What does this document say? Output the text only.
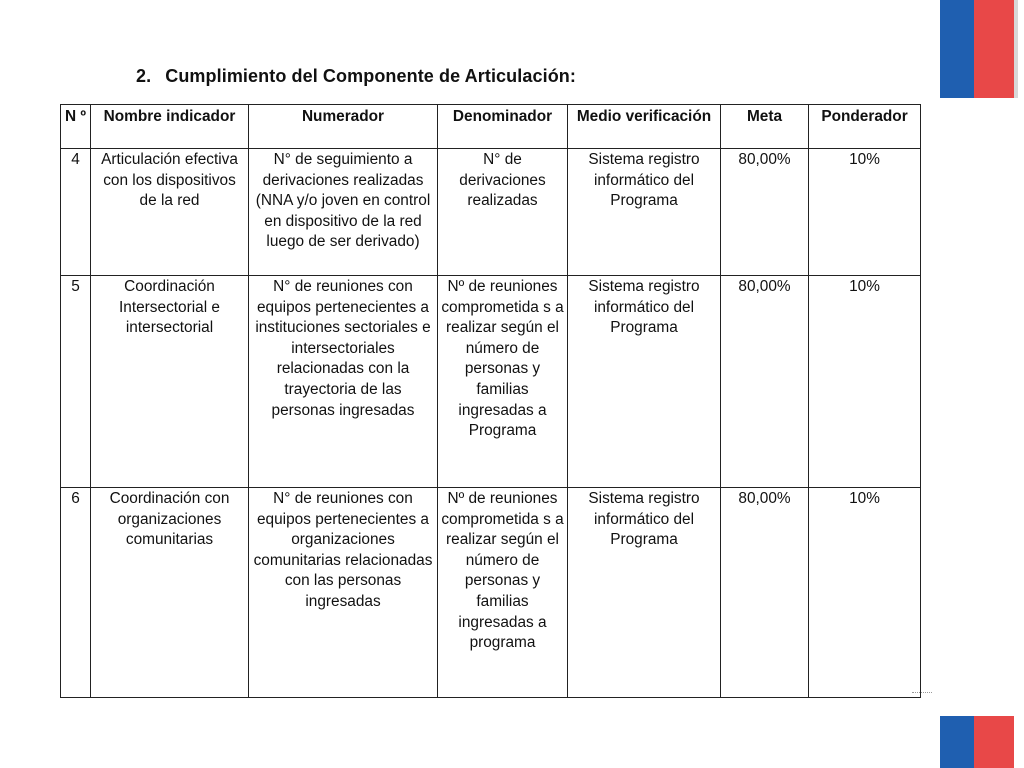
2. Cumplimiento del Componente de Articulación:
N º	Nombre indicador	Numerador	Denominador	Medio verificación	Meta	Ponderador
4	Articulación efectiva con los dispositivos de la red	N° de seguimiento a derivaciones realizadas (NNA y/o joven en control en dispositivo de la red luego de ser derivado)	N° de derivaciones realizadas	Sistema registro informático del Programa	80,00%	10%
5	Coordinación Intersectorial e intersectorial	N° de reuniones con equipos pertenecientes a instituciones sectoriales e intersectoriales relacionadas con la trayectoria de las personas ingresadas	Nº de reuniones comprometida s a realizar según el número de personas y familias ingresadas a Programa	Sistema registro informático del Programa	80,00%	10%
6	Coordinación con organizaciones comunitarias	N° de reuniones con equipos pertenecientes a organizaciones comunitarias relacionadas con las personas ingresadas	Nº de reuniones comprometida s a realizar según el número de personas y familias ingresadas a programa	Sistema registro informático del Programa	80,00%	10%
